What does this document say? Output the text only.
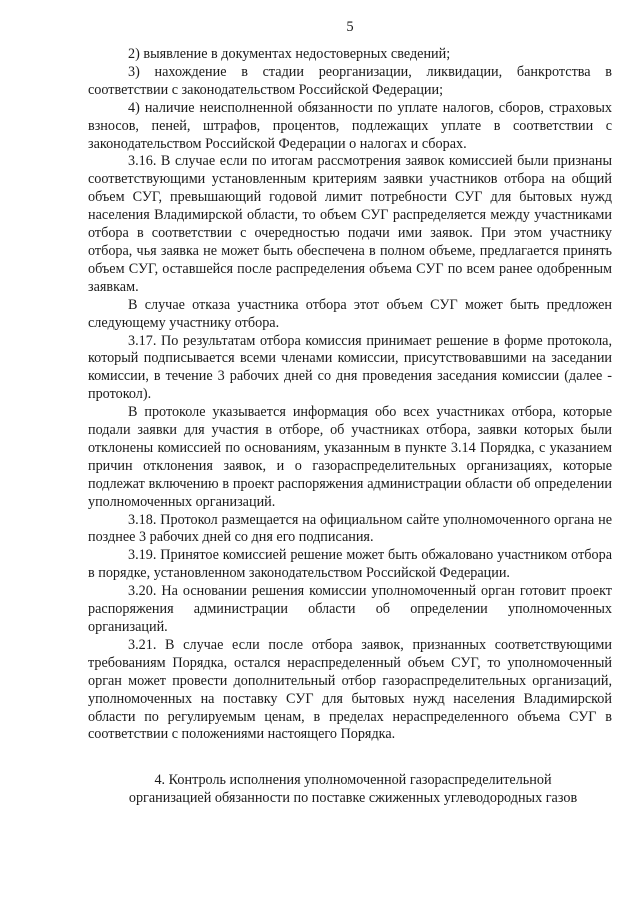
5

2) выявление в документах недостоверных сведений;

3) нахождение в стадии реорганизации, ликвидации, банкротства в соответствии с законодательством Российской Федерации;

4) наличие неисполненной обязанности по уплате налогов, сборов, страховых взносов, пеней, штрафов, процентов, подлежащих уплате в соответствии с законодательством Российской Федерации о налогах и сборах.

3.16. В случае если по итогам рассмотрения заявок комиссией были признаны соответствующими установленным критериям заявки участников отбора на общий объем СУГ, превышающий годовой лимит потребности СУГ для бытовых нужд населения Владимирской области, то объем СУГ распределяется между участниками отбора в соответствии с очередностью подачи ими заявок. При этом участнику отбора, чья заявка не может быть обеспечена в полном объеме, предлагается принять объем СУГ, оставшейся после распределения объема СУГ по всем ранее одобренным заявкам.

В случае отказа участника отбора этот объем СУГ может быть предложен следующему участнику отбора.

3.17. По результатам отбора комиссия принимает решение в форме протокола, который подписывается всеми членами комиссии, присутствовавшими на заседании комиссии, в течение 3 рабочих дней со дня проведения заседания комиссии (далее - протокол).

В протоколе указывается информация обо всех участниках отбора, которые подали заявки для участия в отборе, об участниках отбора, заявки которых были отклонены комиссией по основаниям, указанным в пункте 3.14 Порядка, с указанием причин отклонения заявок, и о газораспределительных организациях, которые подлежат включению в проект распоряжения администрации области об определении уполномоченных организаций.

3.18. Протокол размещается на официальном сайте уполномоченного органа не позднее 3 рабочих дней со дня его подписания.

3.19. Принятое комиссией решение может быть обжаловано участником отбора в порядке, установленном законодательством Российской Федерации.

3.20. На основании решения комиссии уполномоченный орган готовит проект распоряжения администрации области об определении уполномоченных организаций.

3.21. В случае если после отбора заявок, признанных соответствующими требованиям Порядка, остался нераспределенный объем СУГ, то уполномоченный орган может провести дополнительный отбор газораспределительных организаций, уполномоченных на поставку СУГ для бытовых нужд населения Владимирской области по регулируемым ценам, в пределах нераспределенного объема СУГ в соответствии с положениями настоящего Порядка.

4. Контроль исполнения уполномоченной газораспределительной
организацией обязанности по поставке сжиженных углеводородных газов
